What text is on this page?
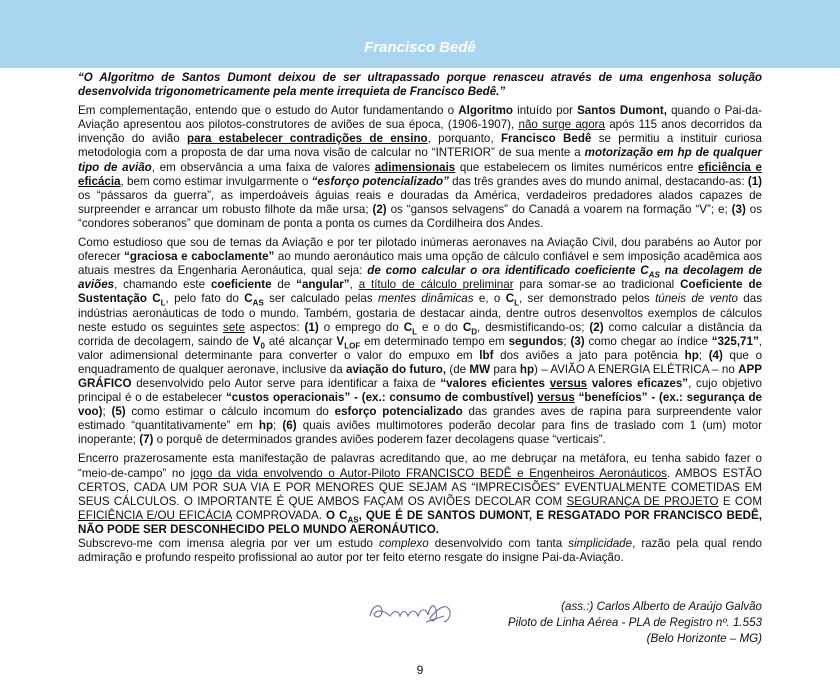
Francisco Bedê

“O Algoritmo de Santos Dumont deixou de ser ultrapassado porque renasceu através de uma engenhosa solução desenvolvida trigonometricamente pela mente irrequieta de Francisco Bedê.”

Em complementação, entendo que o estudo do Autor fundamentando o Algoritmo intuído por Santos Dumont, quando o Pai-da-Aviação apresentou aos pilotos-construtores de aviões de sua época, (1906-1907), não surge agora após 115 anos decorridos da invenção do avião para estabelecer contradições de ensino, porquanto, Francisco Bedê se permitiu a instituir curiosa metodologia com a proposta de dar uma nova visão de calcular no “INTERIOR” de sua mente a motorização em hp de qualquer tipo de avião, em observância a uma faixa de valores adimensionais que estabelecem os limites numéricos entre eficiência e eficácia, bem como estimar invulgarmente o “esforço potencializado” das três grandes aves do mundo animal, destacando-as: (1) os “pássaros da guerra”, as imperdoáveis águias reais e douradas da América, verdadeiros predadores alados capazes de surpreender e arrancar um robusto filhote da mãe ursa; (2) os “gansos selvagens” do Canadá a voarem na formação “V”; e; (3) os “condores soberanos” que dominam de ponta a ponta os cumes da Cordilheira dos Andes.

Como estudioso que sou de temas da Aviação e por ter pilotado inúmeras aeronaves na Aviação Civil, dou parabéns ao Autor por oferecer “graciosa e caboclamente” ao mundo aeronáutico mais uma opção de cálculo confiável e sem imposição acadêmica aos atuais mestres da Engenharia Aeronáutica, qual seja: de como calcular o ora identificado coeficiente $C_{AS}$ na decolagem de aviões, chamando este coeficiente de “angular”, a título de cálculo preliminar para somar-se ao tradicional Coeficiente de Sustentação $C_L$, pelo fato do $C_{AS}$ ser calculado pelas mentes dinâmicas e, o $C_L$, ser demonstrado pelos túneis de vento das indústrias aeronáuticas de todo o mundo. Também, gostaria de destacar ainda, dentre outros desenvoltos exemplos de cálculos neste estudo os seguintes sete aspectos: (1) o emprego do $C_L$ e o do $C_D$, desmistificando-os; (2) como calcular a distância da corrida de decolagem, saindo de $V_0$ até alcançar $V_{LOF}$ em determinado tempo em segundos; (3) como chegar ao índice “325,71”, valor adimensional determinante para converter o valor do empuxo em lbf dos aviões a jato para potência hp; (4) que o enquadramento de qualquer aeronave, inclusive da aviação do futuro, (de MW para hp) – AVIÃO A ENERGIA ELÉTRICA – no APP GRÁFICO desenvolvido pelo Autor serve para identificar a faixa de “valores eficientes versus valores eficazes”, cujo objetivo principal é o de estabelecer “custos operacionais” - (ex.: consumo de combustível) versus “benefícios” - (ex.: segurança de voo); (5) como estimar o cálculo incomum do esforço potencializado das grandes aves de rapina para surpreendente valor estimado “quantitativamente” em hp; (6) quais aviões multimotores poderão decolar para fins de traslado com 1 (um) motor inoperante; (7) o porquê de determinados grandes aviões poderem fazer decolagens quase “verticais”.

Encerro prazerosamente esta manifestação de palavras acreditando que, ao me debruçar na metáfora, eu tenha sabido fazer o “meio-de-campo” no jogo da vida envolvendo o Autor-Piloto FRANCISCO BEDÊ e Engenheiros Aeronáuticos. AMBOS ESTÃO CERTOS, CADA UM POR SUA VIA E POR MENORES QUE SEJAM AS “IMPRECISÕES” EVENTUALMENTE COMETIDAS EM SEUS CÁLCULOS. O IMPORTANTE É QUE AMBOS FAÇAM OS AVIÕES DECOLAR COM SEGURANÇA DE PROJETO E COM EFICIÊNCIA E/OU EFICÁCIA COMPROVADA. O $C_{AS}$, QUE É DE SANTOS DUMONT, E RESGATADO POR FRANCISCO BEDÊ, NÃO PODE SER DESCONHECIDO PELO MUNDO AERONÁUTICO.

Subscrevo-me com imensa alegria por ver um estudo complexo desenvolvido com tanta simplicidade, razão pela qual rendo admiração e profundo respeito profissional ao autor por ter feito eterno resgate do insigne Pai-da-Aviação.

(ass.:) Carlos Alberto de Araújo Galvão
Piloto de Linha Aérea - PLA de Registro nº. 1.553
(Belo Horizonte – MG)
9
